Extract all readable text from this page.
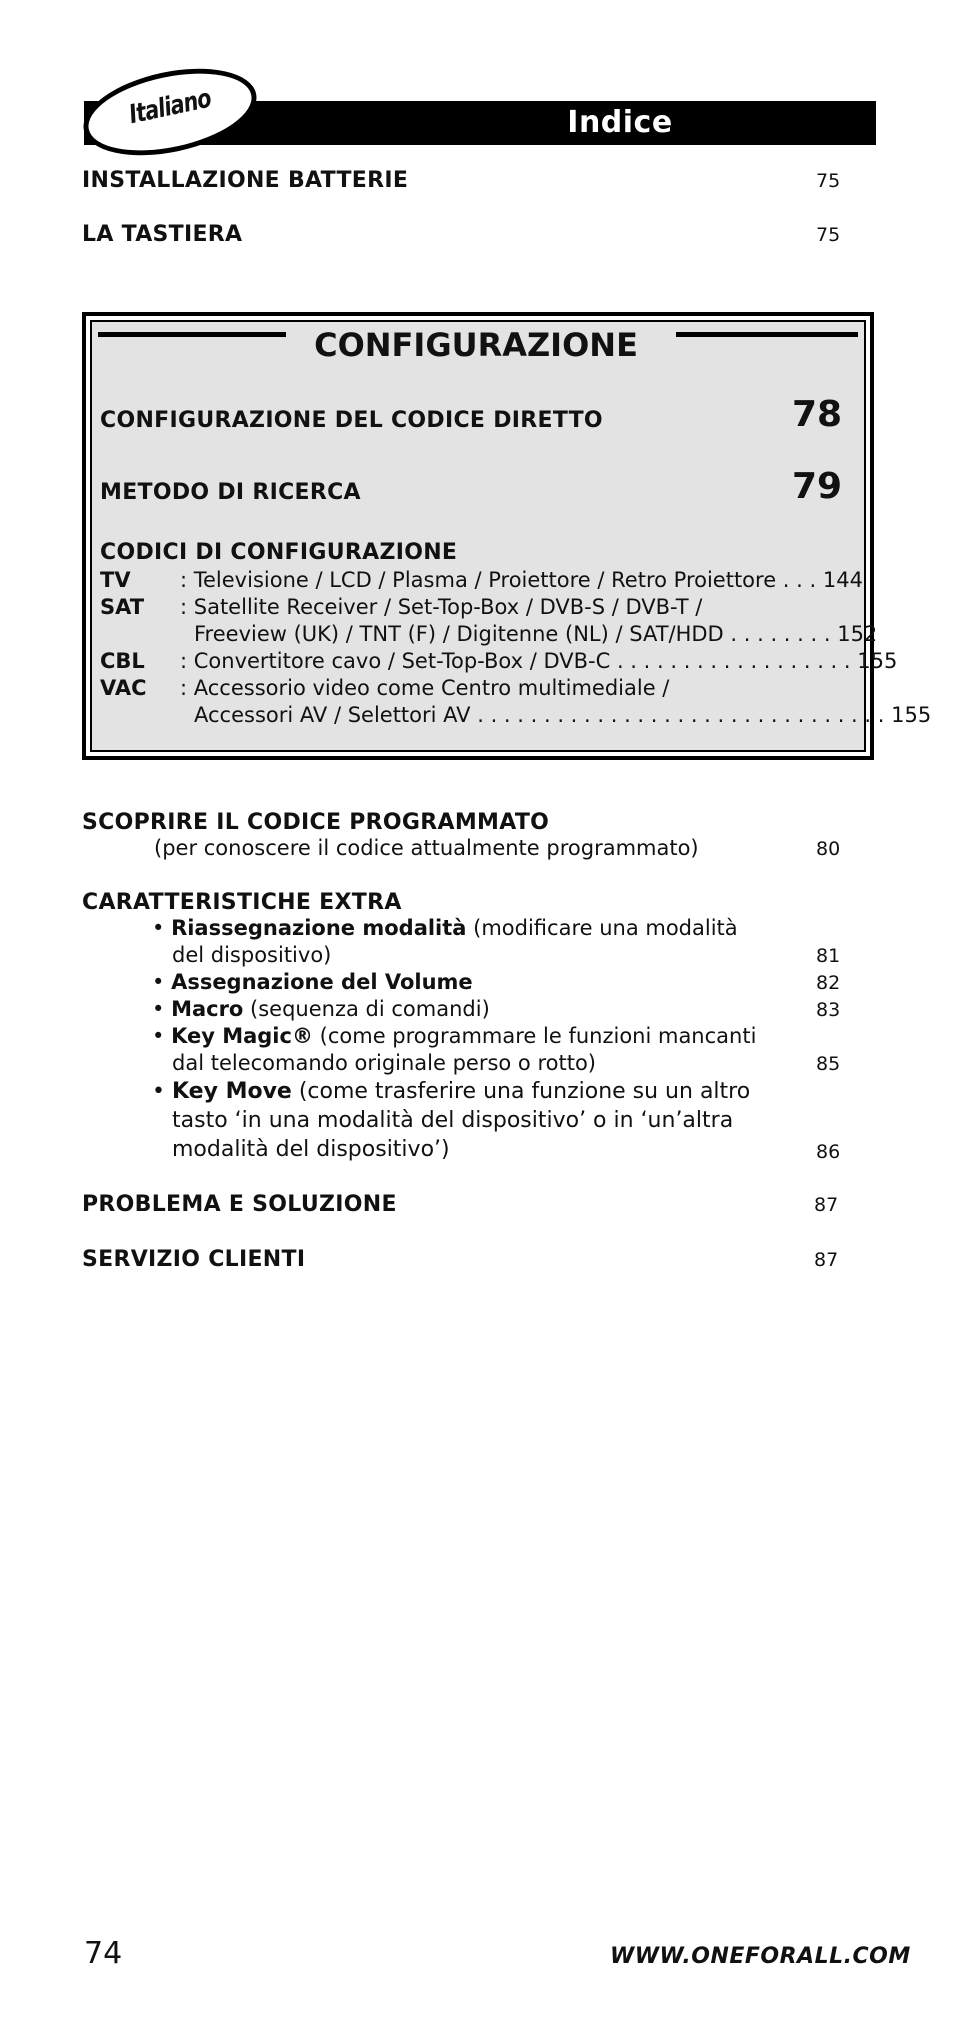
Indice
Italiano
INSTALLAZIONE BATTERIE	75
LA TASTIERA	75
CONFIGURAZIONE
CONFIGURAZIONE DEL CODICE DIRETTO	78
METODO DI RICERCA	79
CODICI DI CONFIGURAZIONE
TV : Televisione / LCD / Plasma / Proiettore / Retro Proiettore . . . 144
SAT : Satellite Receiver / Set-Top-Box / DVB-S / DVB-T /
Freeview (UK) / TNT (F) / Digitenne (NL) / SAT/HDD . . . . . . . . 152
CBL : Convertitore cavo / Set-Top-Box / DVB-C . . . . . . . . . . . . . . . . . . 155
VAC : Accessorio video come Centro multimediale /
Accessori AV / Selettori AV . . . . . . . . . . . . . . . . . . . . . . . . . . . . . . . 155
SCOPRIRE IL CODICE PROGRAMMATO
(per conoscere il codice attualmente programmato)	80
CARATTERISTICHE EXTRA
• Riassegnazione modalità (modificare una modalità
del dispositivo)	81
• Assegnazione del Volume	82
• Macro (sequenza di comandi)	83
• Key Magic® (come programmare le funzioni mancanti
dal telecomando originale perso o rotto)	85
• Key Move (come trasferire una funzione su un altro
tasto ‘in una modalità del dispositivo’ o in ‘un’altra
modalità del dispositivo’)	86
PROBLEMA E SOLUZIONE	87
SERVIZIO CLIENTI	87
74	WWW.ONEFORALL.COM
